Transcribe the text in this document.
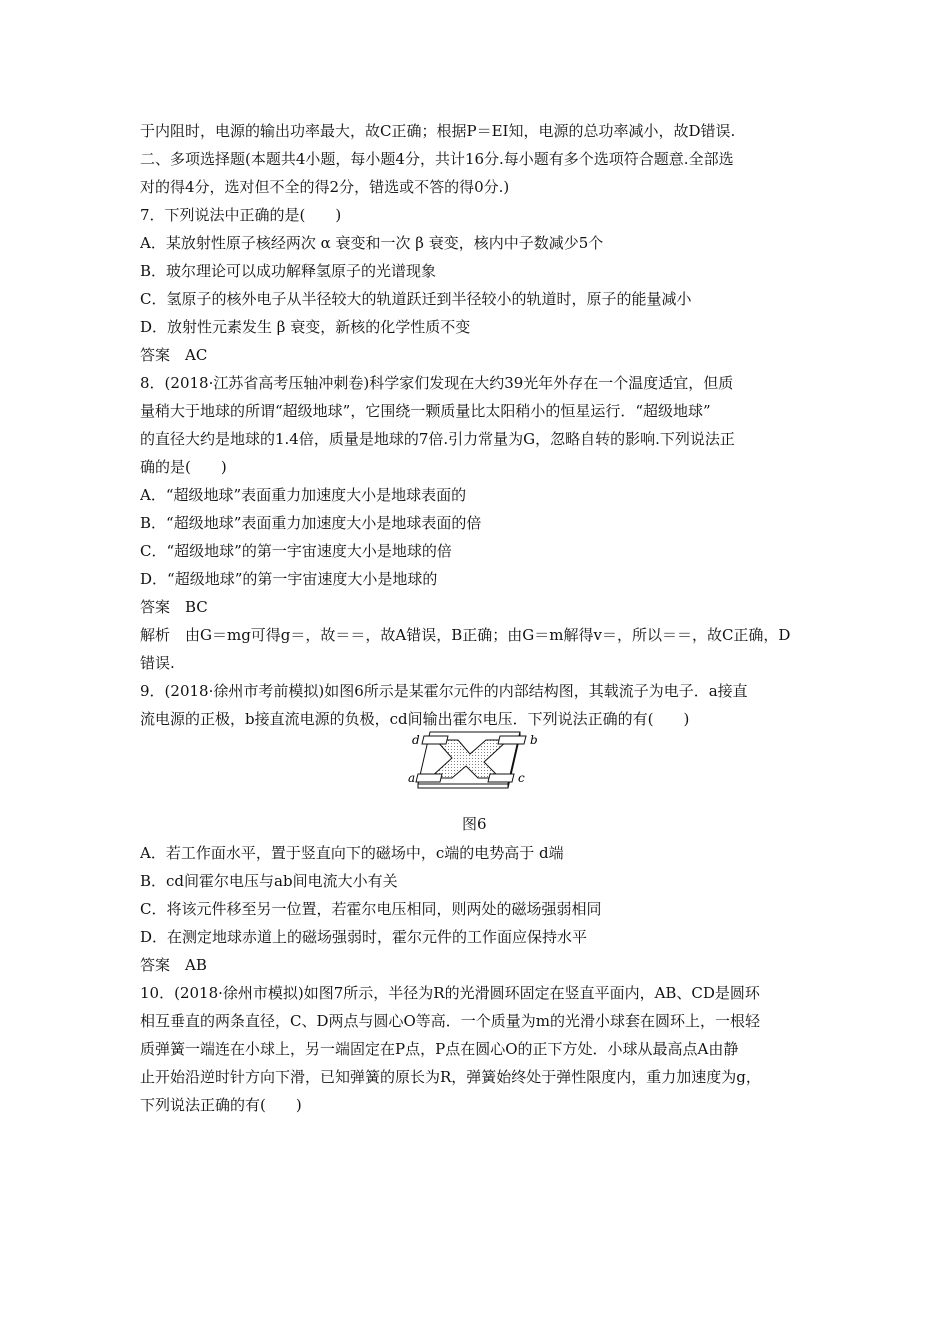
于内阻时，电源的输出功率最大，故C正确；根据P＝EI知，电源的总功率减小，故D错误.
二、多项选择题(本题共4小题，每小题4分，共计16分.每小题有多个选项符合题意.全部选
对的得4分，选对但不全的得2分，错选或不答的得0分.)
7．下列说法中正确的是(　　)
A．某放射性原子核经两次 α 衰变和一次 β 衰变，核内中子数减少5个
B．玻尔理论可以成功解释氢原子的光谱现象
C．氢原子的核外电子从半径较大的轨道跃迁到半径较小的轨道时，原子的能量减小
D．放射性元素发生 β 衰变，新核的化学性质不变
答案　AC
8．(2018·江苏省高考压轴冲刺卷)科学家们发现在大约39光年外存在一个温度适宜，但质
量稍大于地球的所谓“超级地球”，它围绕一颗质量比太阳稍小的恒星运行．“超级地球”
的直径大约是地球的1.4倍，质量是地球的7倍.引力常量为G，忽略自转的影响.下列说法正
确的是(　　)
A．“超级地球”表面重力加速度大小是地球表面的
B．“超级地球”表面重力加速度大小是地球表面的倍
C．“超级地球”的第一宇宙速度大小是地球的倍
D．“超级地球”的第一宇宙速度大小是地球的
答案　BC
解析　由G＝mg可得g＝，故＝＝，故A错误，B正确；由G＝m解得v＝，所以＝＝，故C正确，D
错误.
9．(2018·徐州市考前模拟)如图6所示是某霍尔元件的内部结构图，其载流子为电子．a接直
流电源的正极，b接直流电源的负极，cd间输出霍尔电压．下列说法正确的有(　　)
d	b
a	c
图6
A．若工作面水平，置于竖直向下的磁场中，c端的电势高于 d端
B．cd间霍尔电压与ab间电流大小有关
C．将该元件移至另一位置，若霍尔电压相同，则两处的磁场强弱相同
D．在测定地球赤道上的磁场强弱时，霍尔元件的工作面应保持水平
答案　AB
10．(2018·徐州市模拟)如图7所示，半径为R的光滑圆环固定在竖直平面内，AB、CD是圆环
相互垂直的两条直径，C、D两点与圆心O等高．一个质量为m的光滑小球套在圆环上，一根轻
质弹簧一端连在小球上，另一端固定在P点，P点在圆心O的正下方处．小球从最高点A由静
止开始沿逆时针方向下滑，已知弹簧的原长为R，弹簧始终处于弹性限度内，重力加速度为g，
下列说法正确的有(　　)
